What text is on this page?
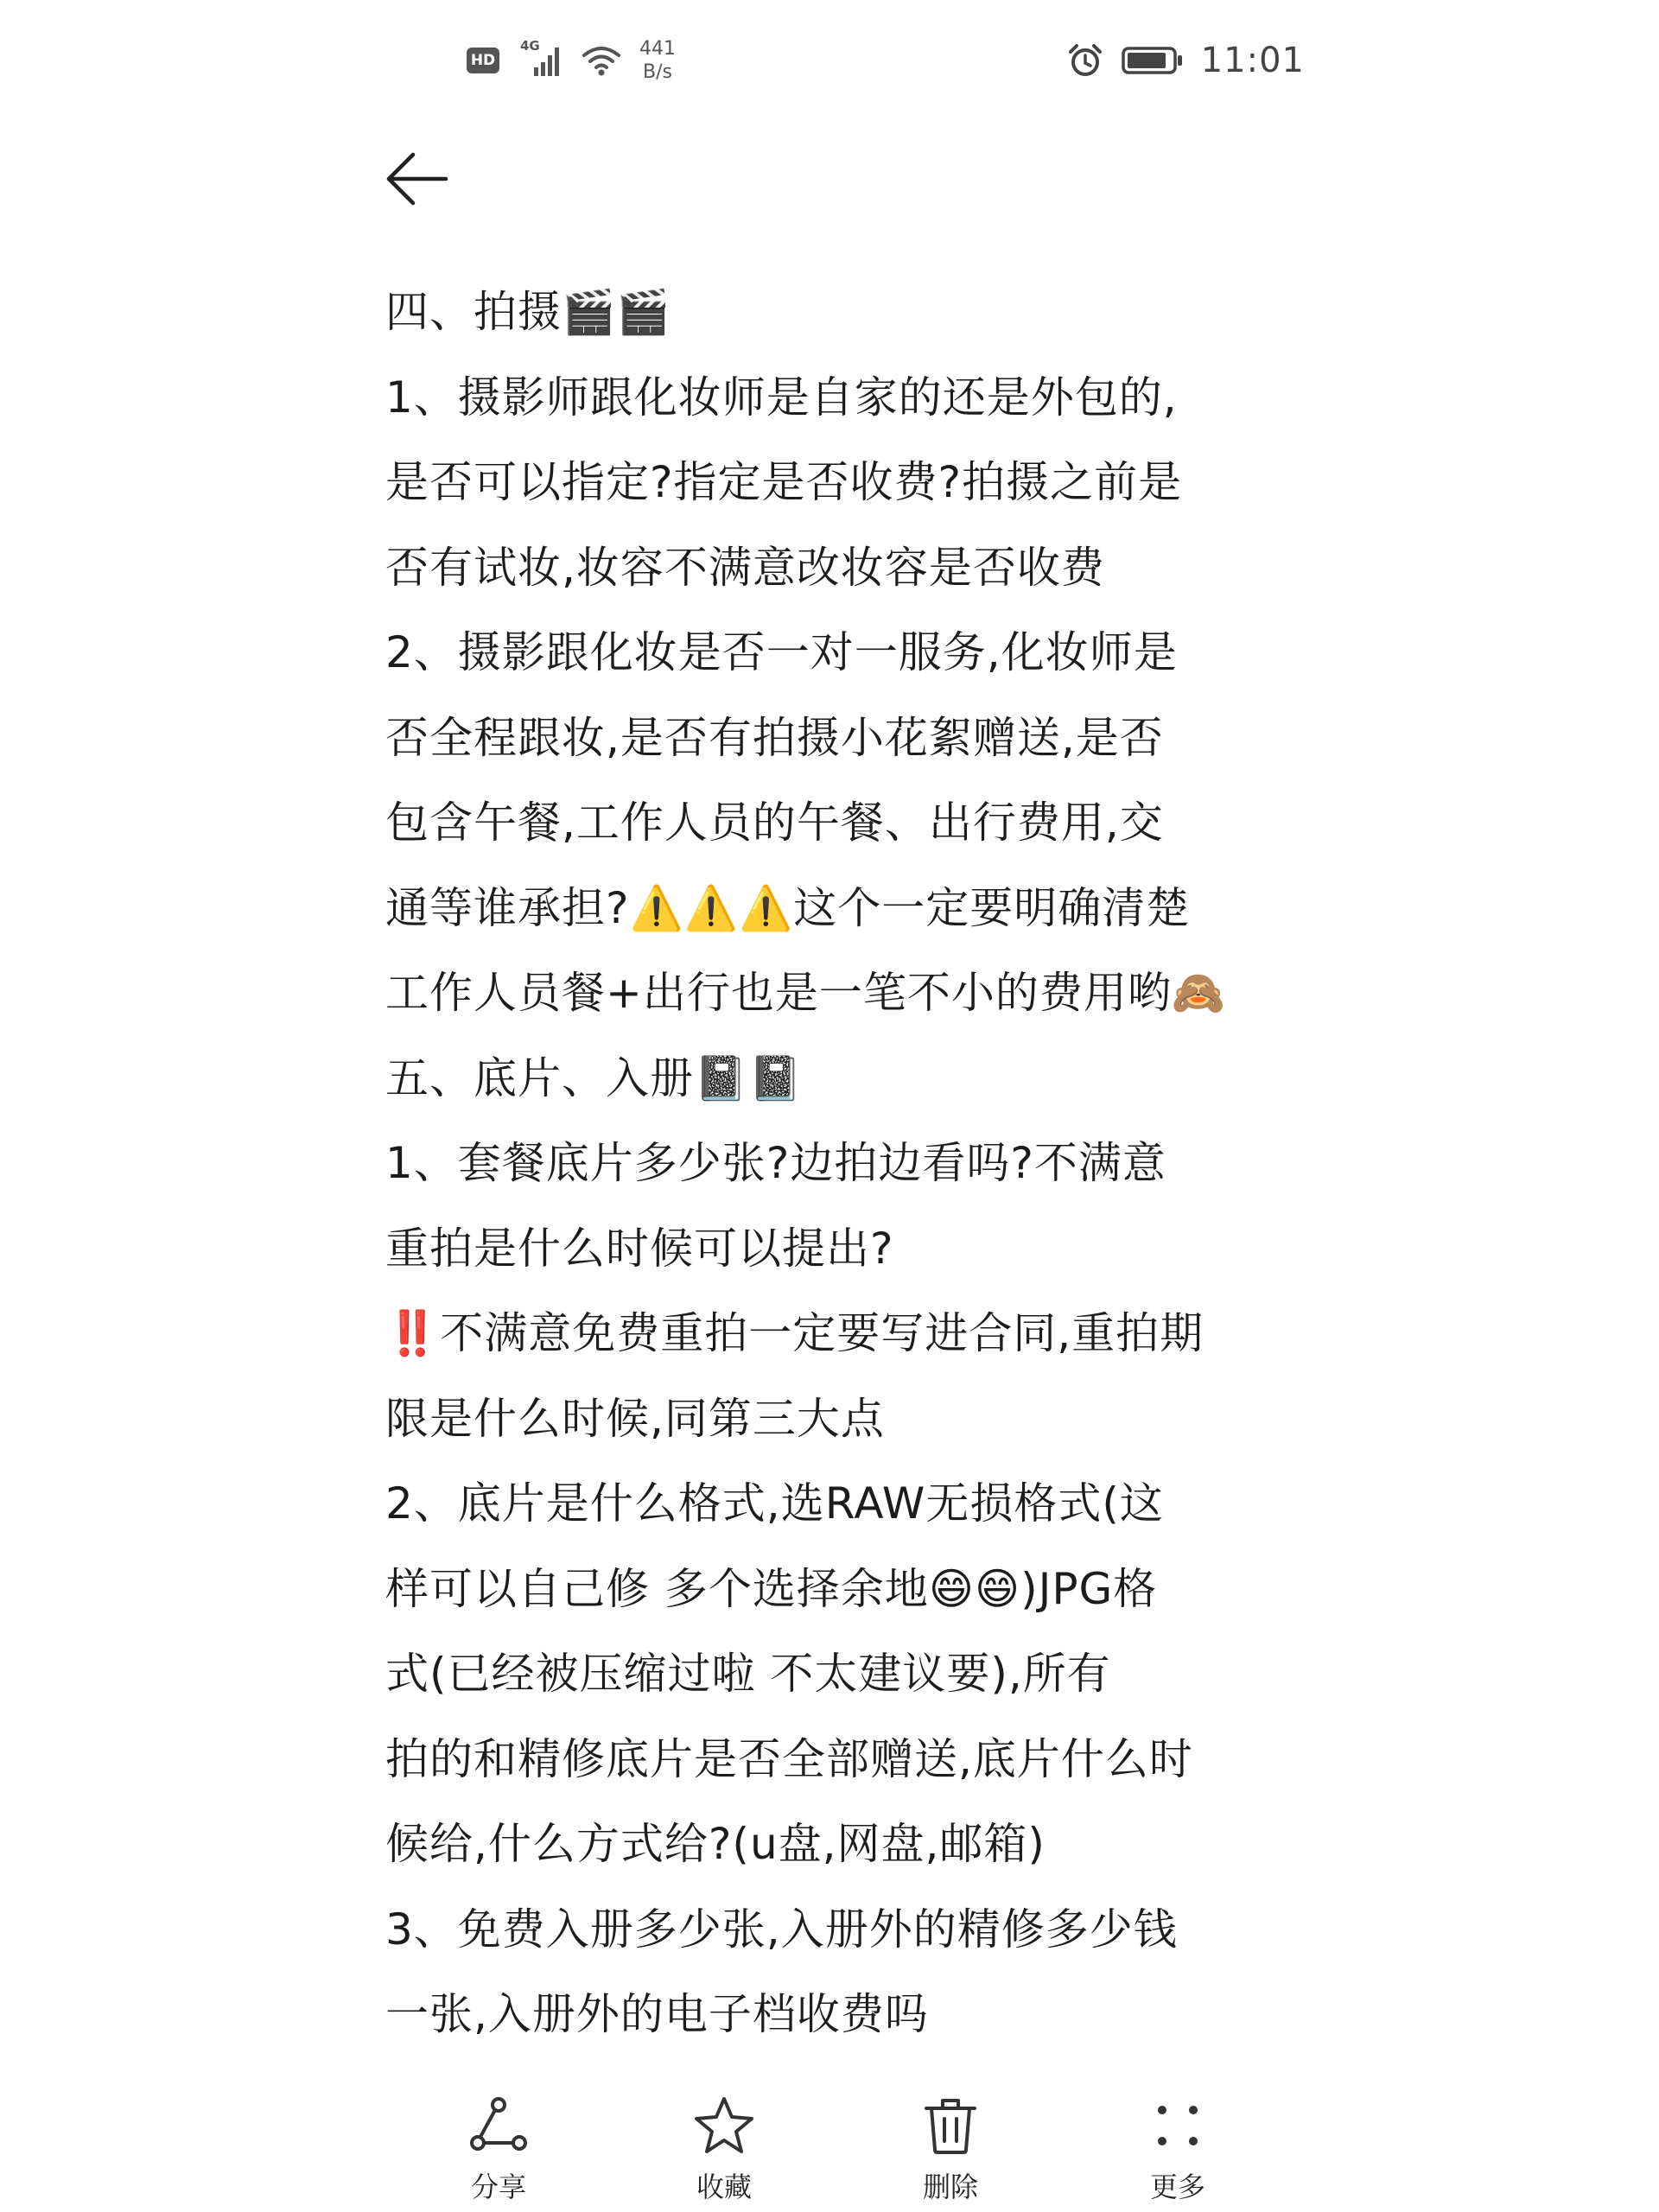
HD
4G	441
B/s	11:01
四、拍摄🎬🎬
1、摄影师跟化妆师是自家的还是外包的,
是否可以指定?指定是否收费?拍摄之前是
否有试妆,妆容不满意改妆容是否收费
2、摄影跟化妆是否一对一服务,化妆师是
否全程跟妆,是否有拍摄小花絮赠送,是否
包含午餐,工作人员的午餐、出行费用,交
通等谁承担?⚠️⚠️⚠️这个一定要明确清楚
工作人员餐+出行也是一笔不小的费用哟🙈
五、底片、入册📓📓
1、套餐底片多少张?边拍边看吗?不满意
重拍是什么时候可以提出?
‼️不满意免费重拍一定要写进合同,重拍期
限是什么时候,同第三大点
2、底片是什么格式,选RAW无损格式(这
样可以自己修 多个选择余地😄😄)JPG格
式(已经被压缩过啦 不太建议要),所有
拍的和精修底片是否全部赠送,底片什么时
候给,什么方式给?(u盘,网盘,邮箱)
3、免费入册多少张,入册外的精修多少钱
一张,入册外的电子档收费吗
分享	收藏	删除	更多
